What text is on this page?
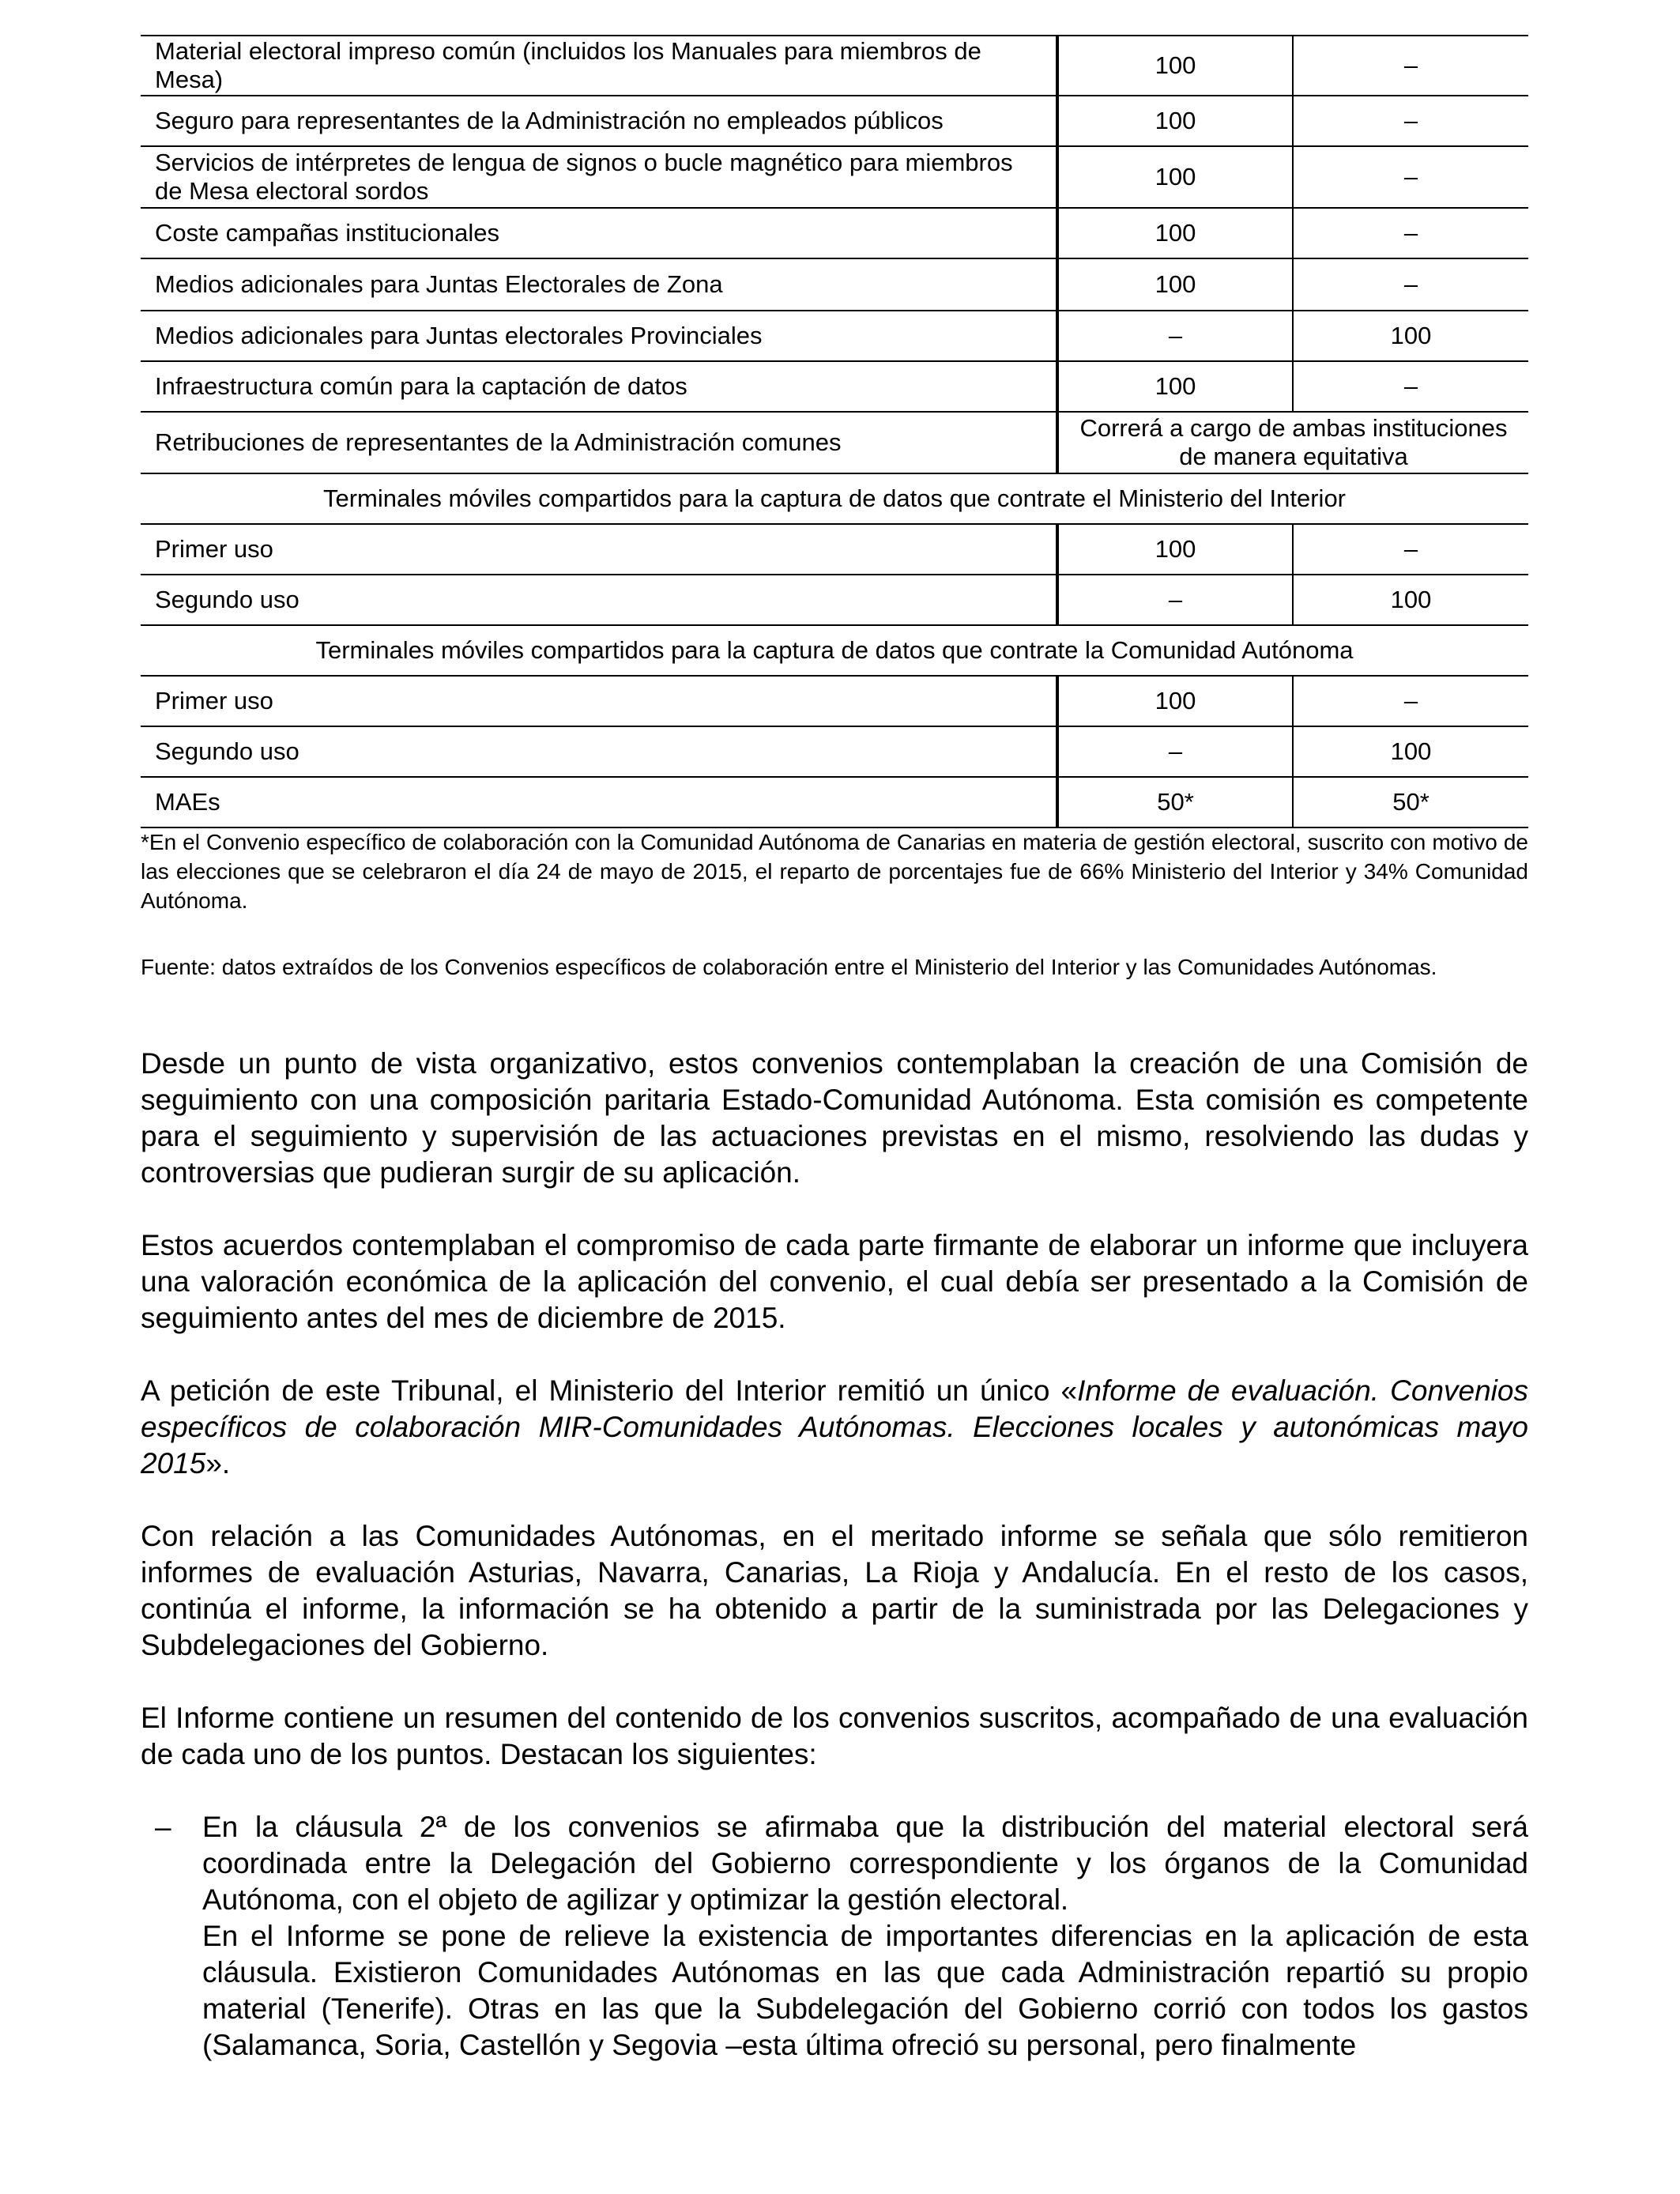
Material electoral impreso común (incluidos los Manuales para miembros de Mesa)	100	–
Seguro para representantes de la Administración no empleados públicos	100	–
Servicios de intérpretes de lengua de signos o bucle magnético para miembros de Mesa electoral sordos	100	–
Coste campañas institucionales	100	–
Medios adicionales para Juntas Electorales de Zona	100	–
Medios adicionales para Juntas electorales Provinciales	–	100
Infraestructura común para la captación de datos	100	–
Retribuciones de representantes de la Administración comunes	Correrá a cargo de ambas instituciones de manera equitativa	
Terminales móviles compartidos para la captura de datos que contrate el Ministerio del Interior		
Primer uso	100	–
Segundo uso	–	100
Terminales móviles compartidos para la captura de datos que contrate la Comunidad Autónoma		
Primer uso	100	–
Segundo uso	–	100
MAEs	50*	50*
*En el Convenio específico de colaboración con la Comunidad Autónoma de Canarias en materia de gestión electoral, suscrito con motivo de las elecciones que se celebraron el día 24 de mayo de 2015, el reparto de porcentajes fue de 66% Ministerio del Interior y 34% Comunidad Autónoma.
Fuente: datos extraídos de los Convenios específicos de colaboración entre el Ministerio del Interior y las Comunidades Autónomas.

Desde un punto de vista organizativo, estos convenios contemplaban la creación de una Comisión de seguimiento con una composición paritaria Estado-Comunidad Autónoma. Esta comisión es competente para el seguimiento y supervisión de las actuaciones previstas en el mismo, resolviendo las dudas y controversias que pudieran surgir de su aplicación.

Estos acuerdos contemplaban el compromiso de cada parte firmante de elaborar un informe que incluyera una valoración económica de la aplicación del convenio, el cual debía ser presentado a la Comisión de seguimiento antes del mes de diciembre de 2015.

A petición de este Tribunal, el Ministerio del Interior remitió un único «Informe de evaluación. Convenios específicos de colaboración MIR-Comunidades Autónomas. Elecciones locales y autonómicas mayo 2015».

Con relación a las Comunidades Autónomas, en el meritado informe se señala que sólo remitieron informes de evaluación Asturias, Navarra, Canarias, La Rioja y Andalucía. En el resto de los casos, continúa el informe, la información se ha obtenido a partir de la suministrada por las Delegaciones y Subdelegaciones del Gobierno.

El Informe contiene un resumen del contenido de los convenios suscritos, acompañado de una evaluación de cada uno de los puntos. Destacan los siguientes:

– En la cláusula 2ª de los convenios se afirmaba que la distribución del material electoral será coordinada entre la Delegación del Gobierno correspondiente y los órganos de la Comunidad Autónoma, con el objeto de agilizar y optimizar la gestión electoral.

En el Informe se pone de relieve la existencia de importantes diferencias en la aplicación de esta cláusula. Existieron Comunidades Autónomas en las que cada Administración repartió su propio material (Tenerife). Otras en las que la Subdelegación del Gobierno corrió con todos los gastos (Salamanca, Soria, Castellón y Segovia –esta última ofreció su personal, pero finalmente
